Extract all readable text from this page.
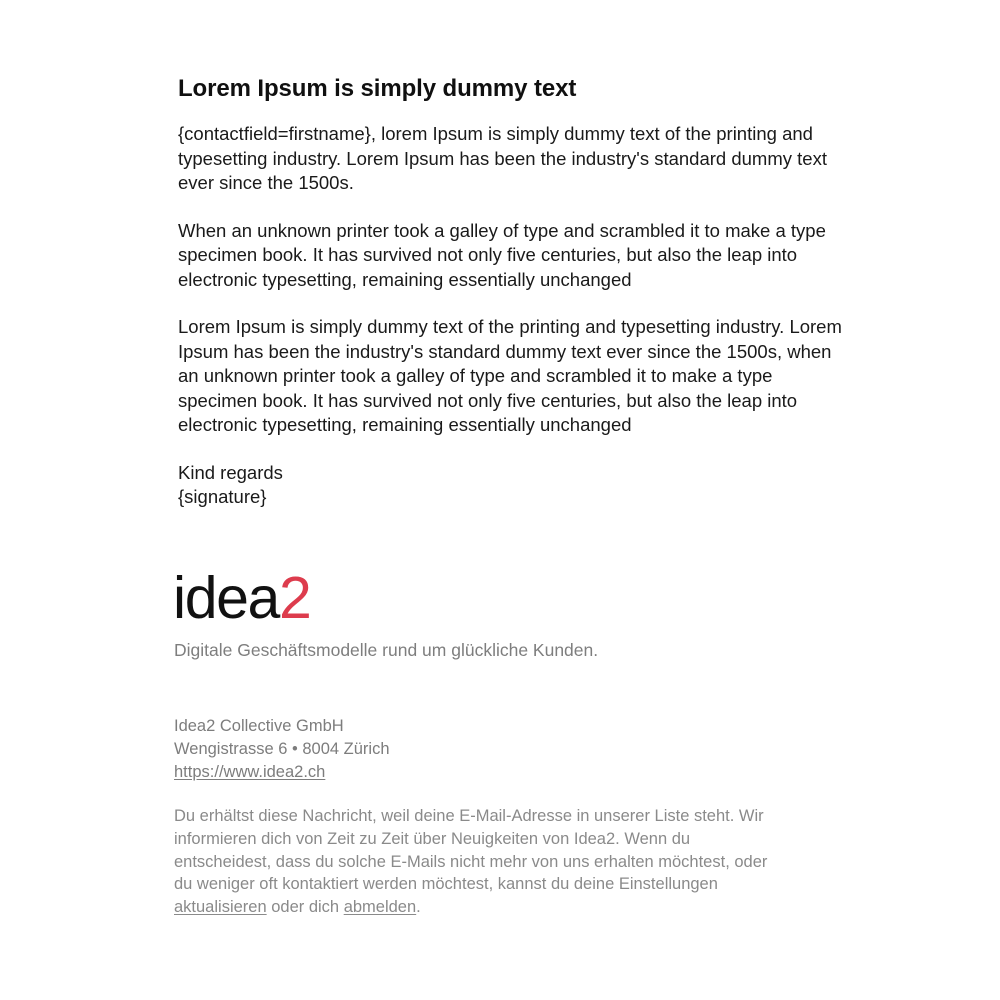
Lorem Ipsum is simply dummy text

{contactfield=firstname}, lorem Ipsum is simply dummy text of the printing and typesetting industry. Lorem Ipsum has been the industry's standard dummy text ever since the 1500s.

When an unknown printer took a galley of type and scrambled it to make a type specimen book. It has survived not only five centuries, but also the leap into electronic typesetting, remaining essentially unchanged

Lorem Ipsum is simply dummy text of the printing and typesetting industry. Lorem Ipsum has been the industry's standard dummy text ever since the 1500s, when an unknown printer took a galley of type and scrambled it to make a type specimen book. It has survived not only five centuries, but also the leap into electronic typesetting, remaining essentially unchanged

Kind regards
{signature}

idea2
Digitale Geschäftsmodelle rund um glückliche Kunden.
Idea2 Collective GmbH
Wengistrasse 6 • 8004 Zürich
https://www.idea2.ch
Du erhältst diese Nachricht, weil deine E-Mail-Adresse in unserer Liste steht. Wir informieren dich von Zeit zu Zeit über Neuigkeiten von Idea2. Wenn du entscheidest, dass du solche E-Mails nicht mehr von uns erhalten möchtest, oder du weniger oft kontaktiert werden möchtest, kannst du deine Einstellungen aktualisieren oder dich abmelden.
